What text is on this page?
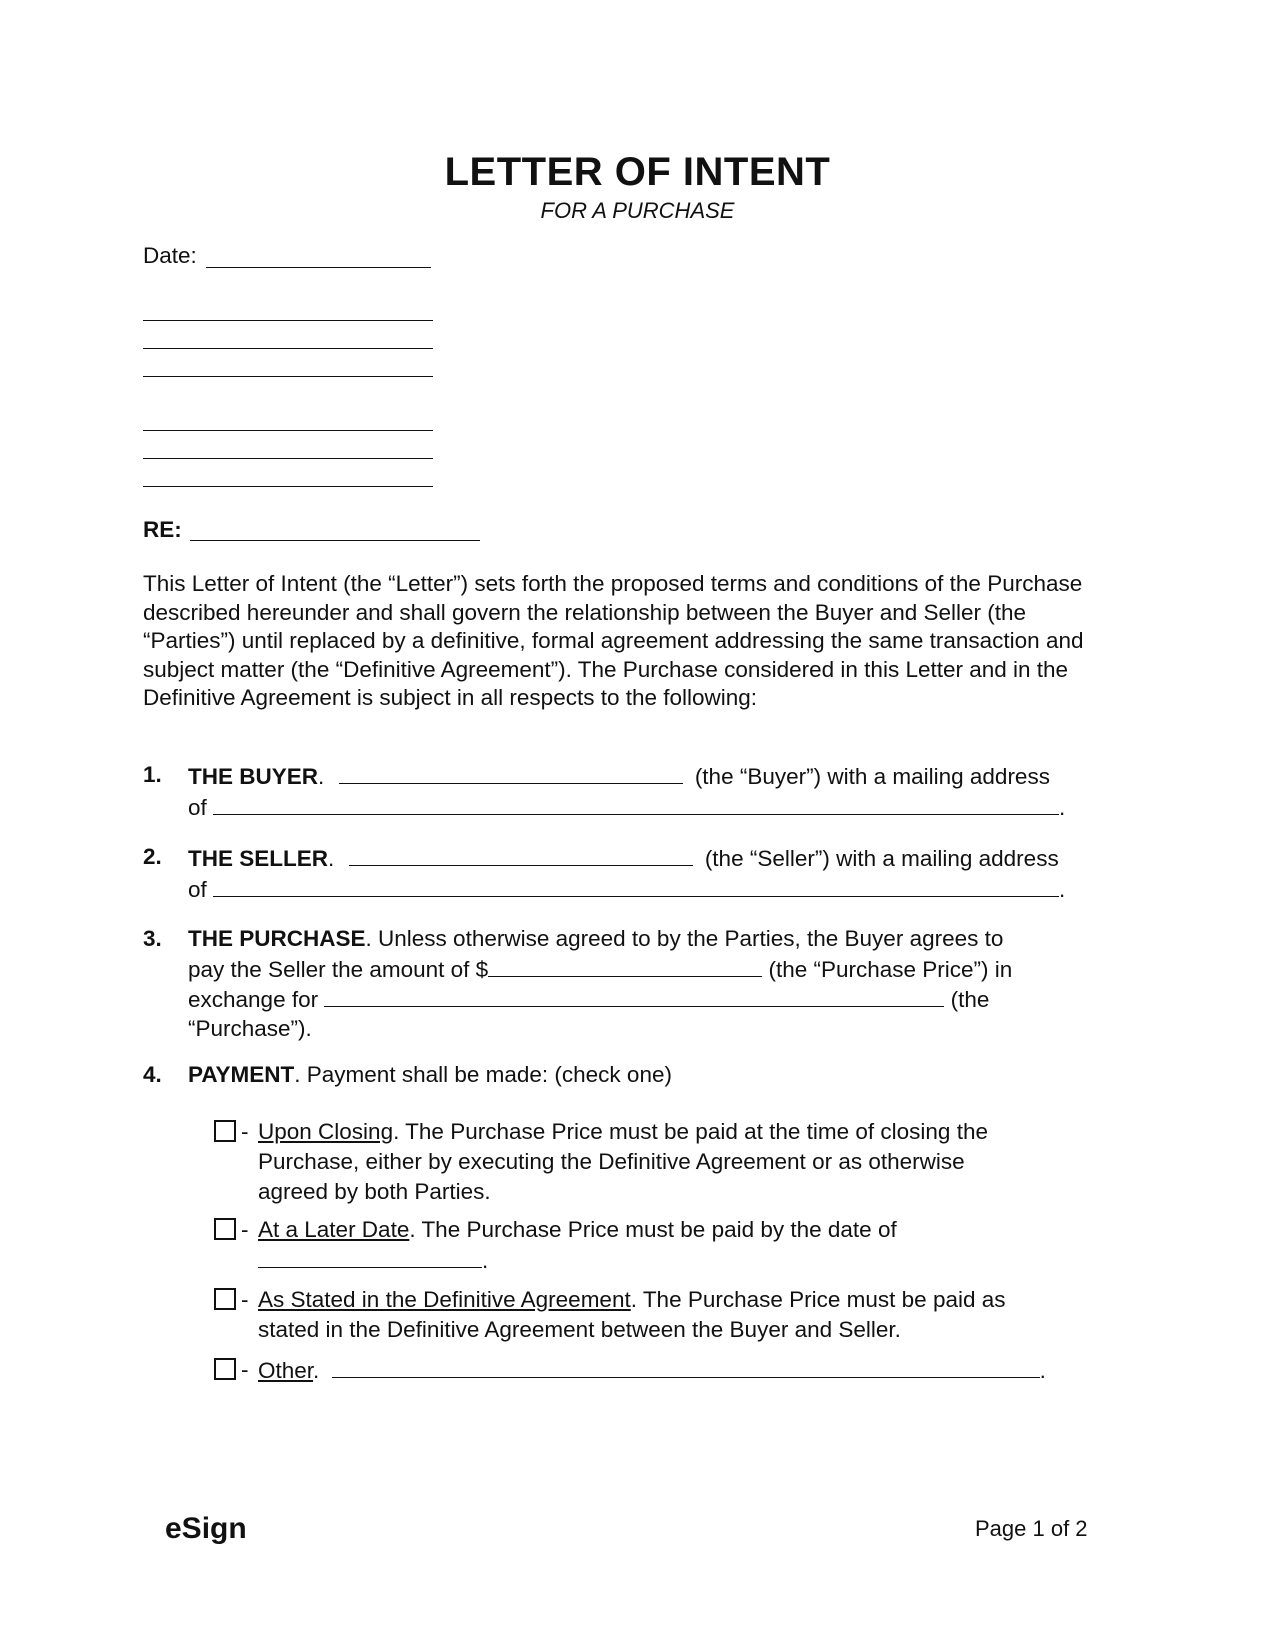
LETTER OF INTENT
FOR A PURCHASE
Date:
RE:
This Letter of Intent (the “Letter”) sets forth the proposed terms and conditions of the Purchase described hereunder and shall govern the relationship between the Buyer and Seller (the “Parties”) until replaced by a definitive, formal agreement addressing the same transaction and subject matter (the “Definitive Agreement”). The Purchase considered in this Letter and in the Definitive Agreement is subject in all respects to the following:
1. THE BUYER.	(the “Buyer”) with a mailing address
of	.
2. THE SELLER.	(the “Seller”) with a mailing address
of	.
3. THE PURCHASE. Unless otherwise agreed to by the Parties, the Buyer agrees to
pay the Seller the amount of $	(the “Purchase Price”) in
exchange for	(the
“Purchase”).
4. PAYMENT. Payment shall be made: (check one)
- Upon Closing. The Purchase Price must be paid at the time of closing the
Purchase, either by executing the Definitive Agreement or as otherwise
agreed by both Parties.
- At a Later Date. The Purchase Price must be paid by the date of
.
- As Stated in the Definitive Agreement. The Purchase Price must be paid as
stated in the Definitive Agreement between the Buyer and Seller.
- Other.	.
eSign	Page 1 of 2
